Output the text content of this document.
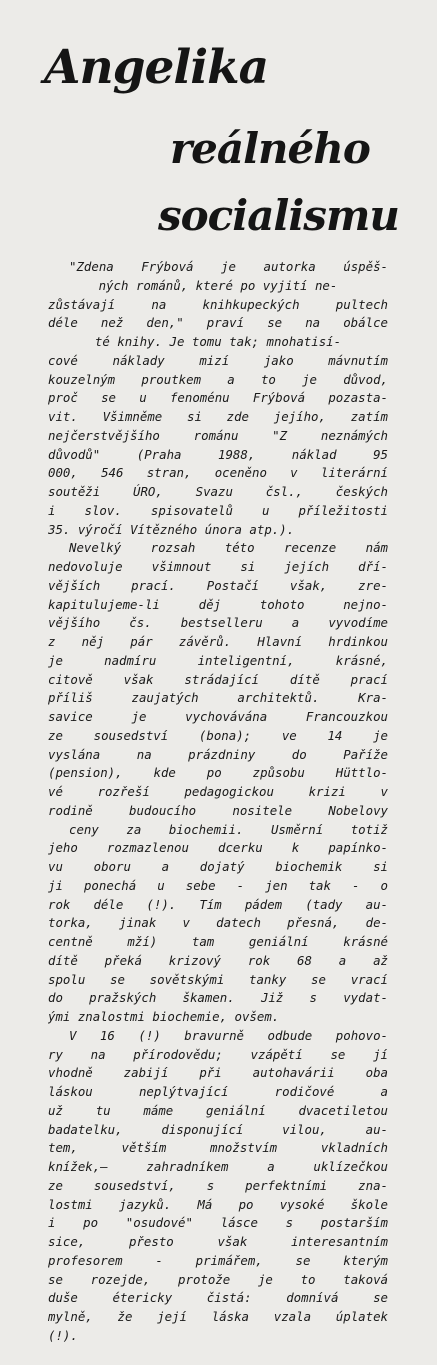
Angelika
reálného
socialismu
"Zdena Frýbová je autorka úspěš-
ných románů, které po vyjití ne-
zůstávají na knihkupeckých pultech
déle než den," praví se na obálce
té knihy. Je tomu tak; mnohatisí-
cové náklady mizí jako mávnutím
kouzelným proutkem a to je důvod,
proč se u fenoménu Frýbová pozasta-
vit. Všimněme si zde jejího, zatím
nejčerstvějšího románu "Z neznámých
důvodů" (Praha 1988, náklad 95
000, 546 stran, oceněno v literární
soutěži ÚRO, Svazu čsl., českých
i slov. spisovatelů u příležitosti
35. výročí Vítězného února atp.).
Nevelký rozsah této recenze nám
nedovoluje všimnout si jejích dří-
vějších prací. Postačí však, zre-
kapitulujeme-li děj tohoto nejno-
vějšího čs. bestselleru a vyvodíme
z něj pár závěrů. Hlavní hrdinkou
je nadmíru inteligentní, krásné,
citově však strádající dítě prací
příliš zaujatých architektů. Kra-
savice je vychovávána Francouzkou
ze sousedství (bona); ve 14 je
vyslána na prázdniny do Paříže
(pension), kde po způsobu Hüttlo-
vé rozřeší pedagogickou krizi v
rodině budoucího nositele Nobelovy
ceny za biochemii. Usměrní totiž
jeho rozmazlenou dcerku k papínko-
vu oboru a dojatý biochemik si
ji ponechá u sebe - jen tak - o
rok déle (!). Tím pádem (tady au-
torka, jinak v datech přesná, de-
centně mží) tam geniální krásné
dítě překá krizový rok 68 a až
spolu se sovětskými tanky se vrací
do pražských škamen. Již s vydat-
ými znalostmi biochemie, ovšem.
V 16 (!) bravurně odbude pohovo-
ry na přírodovědu; vzápětí se jí
vhodně zabijí při autohavárii oba
láskou neplýtvající rodičové a
už tu máme geniální dvacetiletou
badatelku, disponující vilou, au-
tem, větším množstvím vkladních
knížek,— zahradníkem a uklízečkou
ze sousedství, s perfektními zna-
lostmi jazyků. Má po vysoké škole
i po "osudové" lásce s postarším
sice, přesto však interesantním
profesorem - primářem, se kterým
se rozejde, protože je to taková
duše étericky čistá: domnívá se
mylně, že její láska vzala úplatek
(!).
